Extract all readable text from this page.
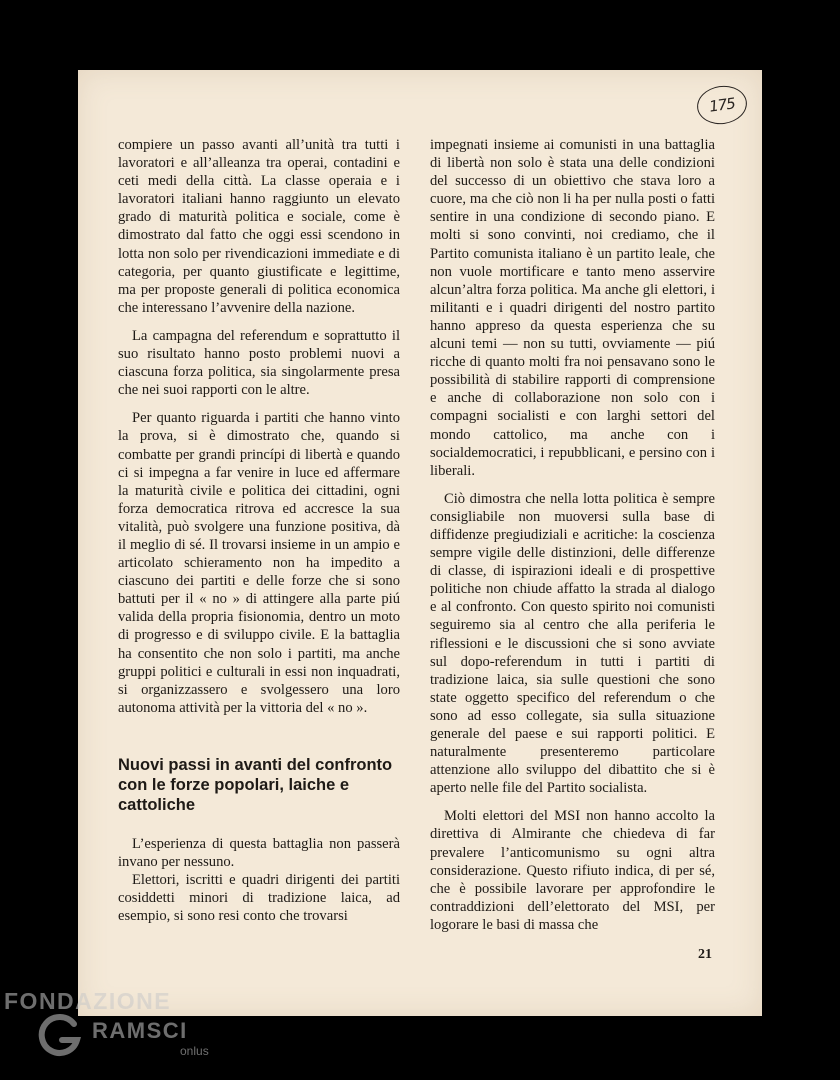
175

compiere un passo avanti all’unità tra tutti i lavoratori e all’alleanza tra operai, contadini e ceti medi della città. La classe operaia e i lavoratori italiani hanno raggiunto un elevato grado di maturità politica e sociale, come è dimostrato dal fatto che oggi essi scendono in lotta non solo per rivendicazioni immediate e di categoria, per quanto giustificate e legittime, ma per proposte generali di politica economica che interessano l’avvenire della nazione.

La campagna del referendum e soprattutto il suo risultato hanno posto problemi nuovi a ciascuna forza politica, sia singolarmente presa che nei suoi rapporti con le altre.

Per quanto riguarda i partiti che hanno vinto la prova, si è dimostrato che, quando si combatte per grandi princípi di libertà e quando ci si impegna a far venire in luce ed affermare la maturità civile e politica dei cittadini, ogni forza democratica ritrova ed accresce la sua vitalità, può svolgere una funzione positiva, dà il meglio di sé. Il trovarsi insieme in un ampio e articolato schieramento non ha impedito a ciascuno dei partiti e delle forze che si sono battuti per il « no » di attingere alla parte piú valida della propria fisionomia, dentro un moto di progresso e di sviluppo civile. E la battaglia ha consentito che non solo i partiti, ma anche gruppi politici e culturali in essi non inquadrati, si organizzassero e svolgessero una loro autonoma attività per la vittoria del « no ».

Nuovi passi in avanti del confronto con le forze popolari, laiche e cattoliche

L’esperienza di questa battaglia non passerà invano per nessuno.

Elettori, iscritti e quadri dirigenti dei partiti cosiddetti minori di tradizione laica, ad esempio, si sono resi conto che trovarsi

impegnati insieme ai comunisti in una battaglia di libertà non solo è stata una delle condizioni del successo di un obiettivo che stava loro a cuore, ma che ciò non li ha per nulla posti o fatti sentire in una condizione di secondo piano. E molti si sono convinti, noi crediamo, che il Partito comunista italiano è un partito leale, che non vuole mortificare e tanto meno asservire alcun’altra forza politica. Ma anche gli elettori, i militanti e i quadri dirigenti del nostro partito hanno appreso da questa esperienza che su alcuni temi — non su tutti, ovviamente — piú ricche di quanto molti fra noi pensavano sono le possibilità di stabilire rapporti di comprensione e anche di collaborazione non solo con i compagni socialisti e con larghi settori del mondo cattolico, ma anche con i socialdemocratici, i repubblicani, e persino con i liberali.

Ciò dimostra che nella lotta politica è sempre consigliabile non muoversi sulla base di diffidenze pregiudiziali e acritiche: la coscienza sempre vigile delle distinzioni, delle differenze di classe, di ispirazioni ideali e di prospettive politiche non chiude affatto la strada al dialogo e al confronto. Con questo spirito noi comunisti seguiremo sia al centro che alla periferia le riflessioni e le discussioni che si sono avviate sul dopo-referendum in tutti i partiti di tradizione laica, sia sulle questioni che sono state oggetto specifico del referendum o che sono ad esso collegate, sia sulla situazione generale del paese e sui rapporti politici. E naturalmente presenteremo particolare attenzione allo sviluppo del dibattito che si è aperto nelle file del Partito socialista.

Molti elettori del MSI non hanno accolto la direttiva di Almirante che chiedeva di far prevalere l’anticomunismo su ogni altra considerazione. Questo rifiuto indica, di per sé, che è possibile lavorare per approfondire le contraddizioni dell’elettorato del MSI, per logorare le basi di massa che

21
FONDAZIONE
RAMSCI
onlus
